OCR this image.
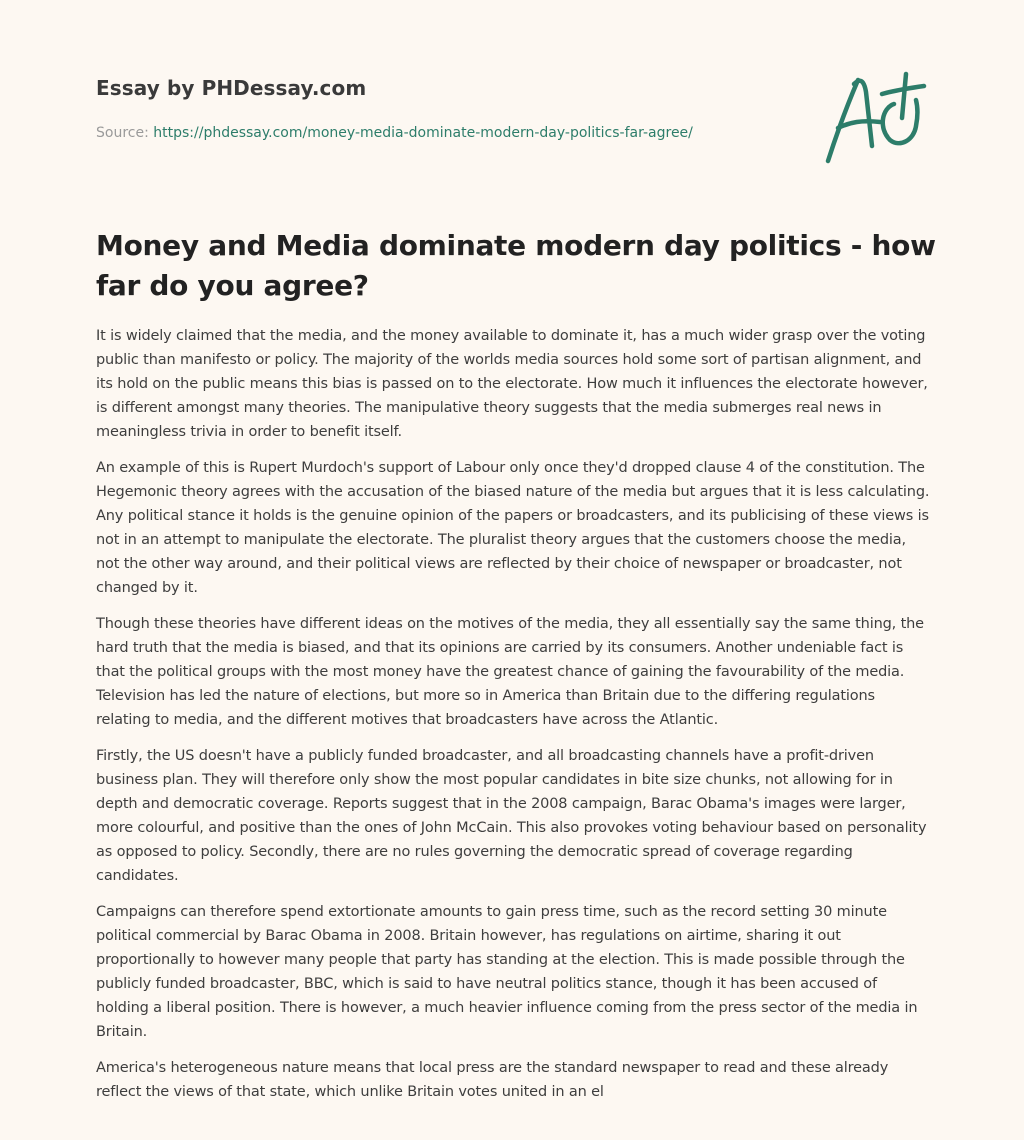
Essay by PHDessay.com
Source: https://phdessay.com/money-media-dominate-modern-day-politics-far-agree/
Money and Media dominate modern day politics - how far do you agree?

It is widely claimed that the media, and the money available to dominate it, has a much wider grasp over the voting public than manifesto or policy. The majority of the worlds media sources hold some sort of partisan alignment, and its hold on the public means this bias is passed on to the electorate. How much it influences the electorate however, is different amongst many theories. The manipulative theory suggests that the media submerges real news in meaningless trivia in order to benefit itself.

An example of this is Rupert Murdoch's support of Labour only once they'd dropped clause 4 of the constitution. The Hegemonic theory agrees with the accusation of the biased nature of the media but argues that it is less calculating. Any political stance it holds is the genuine opinion of the papers or broadcasters, and its publicising of these views is not in an attempt to manipulate the electorate. The pluralist theory argues that the customers choose the media, not the other way around, and their political views are reflected by their choice of newspaper or broadcaster, not changed by it.

Though these theories have different ideas on the motives of the media, they all essentially say the same thing, the hard truth that the media is biased, and that its opinions are carried by its consumers. Another undeniable fact is that the political groups with the most money have the greatest chance of gaining the favourability of the media. Television has led the nature of elections, but more so in America than Britain due to the differing regulations relating to media, and the different motives that broadcasters have across the Atlantic.

Firstly, the US doesn't have a publicly funded broadcaster, and all broadcasting channels have a profit-driven business plan. They will therefore only show the most popular candidates in bite size chunks, not allowing for in depth and democratic coverage. Reports suggest that in the 2008 campaign, Barac Obama's images were larger, more colourful, and positive than the ones of John McCain. This also provokes voting behaviour based on personality as opposed to policy. Secondly, there are no rules governing the democratic spread of coverage regarding candidates.

Campaigns can therefore spend extortionate amounts to gain press time, such as the record setting 30 minute political commercial by Barac Obama in 2008. Britain however, has regulations on airtime, sharing it out proportionally to however many people that party has standing at the election. This is made possible through the publicly funded broadcaster, BBC, which is said to have neutral politics stance, though it has been accused of holding a liberal position. There is however, a much heavier influence coming from the press sector of the media in Britain.

America's heterogeneous nature means that local press are the standard newspaper to read and these already reflect the views of that state, which unlike Britain votes united in an el
